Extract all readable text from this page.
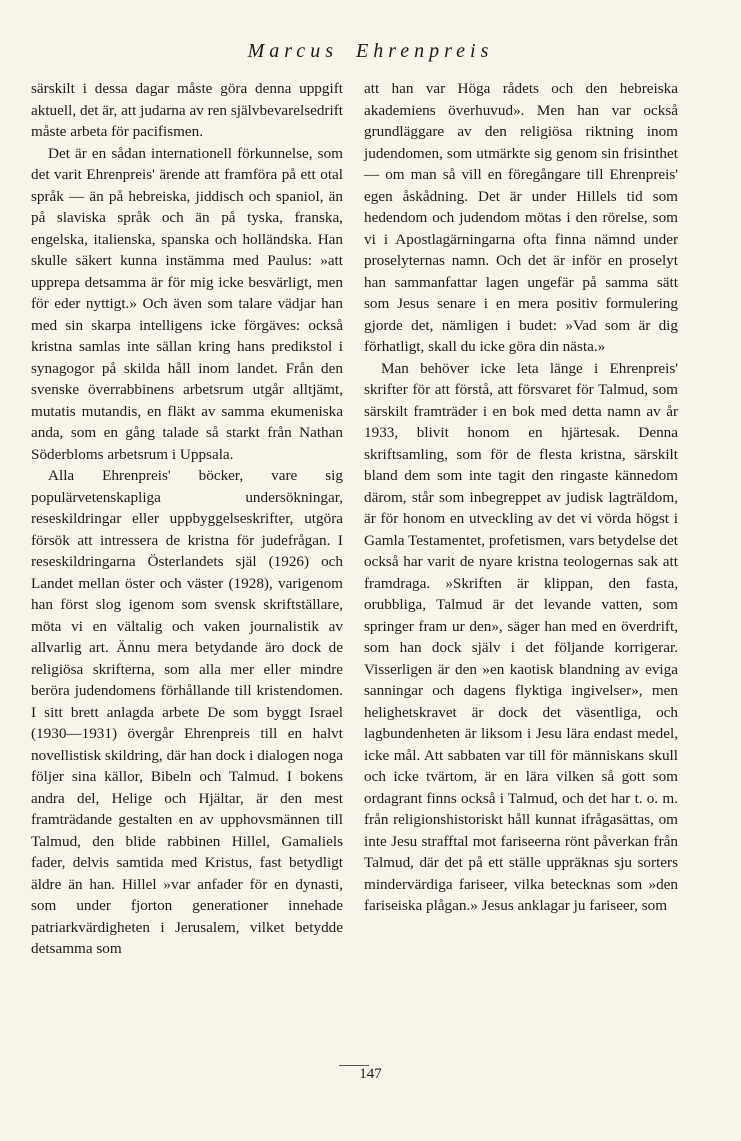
Marcus Ehrenpreis

särskilt i dessa dagar måste göra denna uppgift aktuell, det är, att judarna av ren självbevarelsedrift måste arbeta för pacifismen.

Det är en sådan internationell förkunnelse, som det varit Ehrenpreis' ärende att framföra på ett otal språk — än på hebreiska, jiddisch och spaniol, än på slaviska språk och än på tyska, franska, engelska, italienska, spanska och holländska. Han skulle säkert kunna instämma med Paulus: »att upprepa detsamma är för mig icke besvärligt, men för eder nyttigt.» Och även som talare vädjar han med sin skarpa intelligens icke förgäves: också kristna samlas inte sällan kring hans predikstol i synagogor på skilda håll inom landet. Från den svenske överrabbinens arbetsrum utgår alltjämt, mutatis mutandis, en fläkt av samma ekumeniska anda, som en gång talade så starkt från Nathan Söderbloms arbetsrum i Uppsala.

Alla Ehrenpreis' böcker, vare sig populärvetenskapliga undersökningar, reseskildringar eller uppbyggelseskrifter, utgöra försök att intressera de kristna för judefrågan. I reseskildringarna Österlandets själ (1926) och Landet mellan öster och väster (1928), varigenom han först slog igenom som svensk skriftställare, möta vi en vältalig och vaken journalistik av allvarlig art. Ännu mera betydande äro dock de religiösa skrifterna, som alla mer eller mindre beröra judendomens förhållande till kristendomen. I sitt brett anlagda arbete De som byggt Israel (1930—1931) övergår Ehrenpreis till en halvt novellistisk skildring, där han dock i dialogen noga följer sina källor, Bibeln och Talmud. I bokens andra del, Helige och Hjältar, är den mest framträdande gestalten en av upphovsmännen till Talmud, den blide rabbinen Hillel, Gamaliels fader, delvis samtida med Kristus, fast betydligt äldre än han. Hillel »var anfader för en dynasti, som under fjorton generationer innehade patriarkvärdigheten i Jerusalem, vilket betydde detsamma som

att han var Höga rådets och den hebreiska akademiens överhuvud». Men han var också grundläggare av den religiösa riktning inom judendomen, som utmärkte sig genom sin frisinthet — om man så vill en föregångare till Ehrenpreis' egen åskådning. Det är under Hillels tid som hedendom och judendom mötas i den rörelse, som vi i Apostlagärningarna ofta finna nämnd under proselyternas namn. Och det är inför en proselyt han sammanfattar lagen ungefär på samma sätt som Jesus senare i en mera positiv formulering gjorde det, nämligen i budet: »Vad som är dig förhatligt, skall du icke göra din nästa.»

Man behöver icke leta länge i Ehrenpreis' skrifter för att förstå, att försvaret för Talmud, som särskilt framträder i en bok med detta namn av år 1933, blivit honom en hjärtesak. Denna skriftsamling, som för de flesta kristna, särskilt bland dem som inte tagit den ringaste kännedom därom, står som inbegreppet av judisk lagträldom, är för honom en utveckling av det vi vörda högst i Gamla Testamentet, profetismen, vars betydelse det också har varit de nyare kristna teologernas sak att framdraga. »Skriften är klippan, den fasta, orubbliga, Talmud är det levande vatten, som springer fram ur den», säger han med en överdrift, som han dock själv i det följande korrigerar. Visserligen är den »en kaotisk blandning av eviga sanningar och dagens flyktiga ingivelser», men helighetskravet är dock det väsentliga, och lagbundenheten är liksom i Jesu lära endast medel, icke mål. Att sabbaten var till för människans skull och icke tvärtom, är en lära vilken så gott som ordagrant finns också i Talmud, och det har t. o. m. från religionshistoriskt håll kunnat ifrågasättas, om inte Jesu strafftal mot fariseerna rönt påverkan från Talmud, där det på ett ställe uppräknas sju sorters mindervärdiga fariseer, vilka betecknas som »den fariseiska plågan.» Jesus anklagar ju fariseer, som

147
